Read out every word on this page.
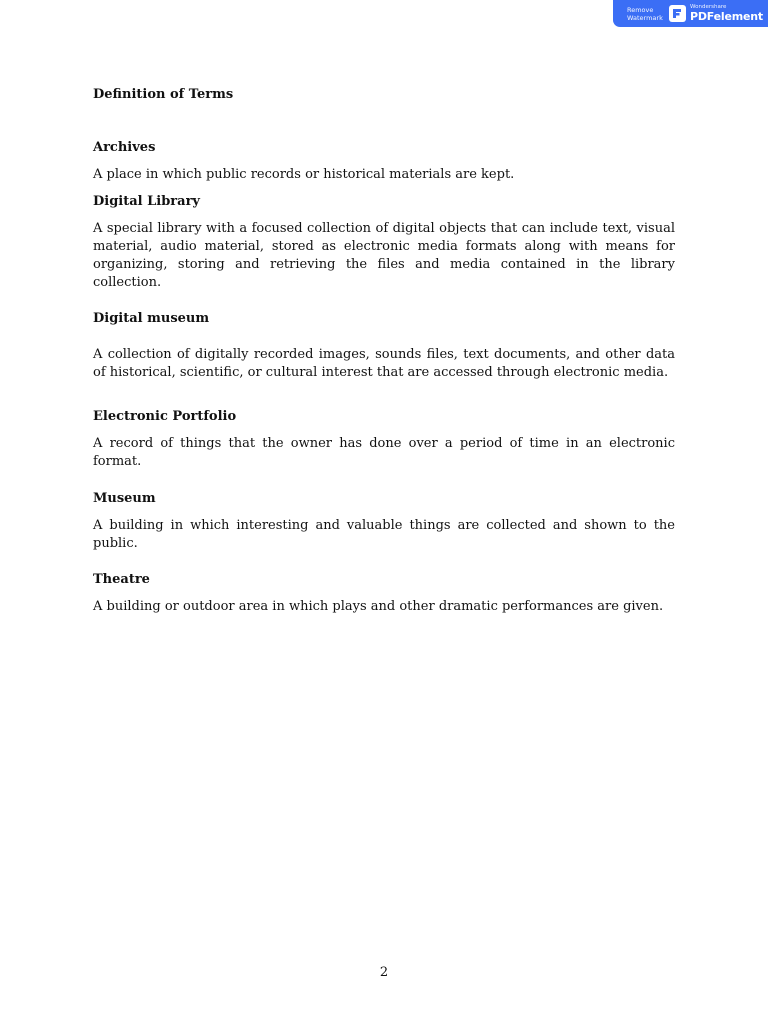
Remove
Watermark
Wondershare
PDFelement

Definition of Terms

Archives

A place in which public records or historical materials are kept.

Digital Library

A special library with a focused collection of digital objects that can include text, visual material, audio material, stored as electronic media formats along with means for organizing, storing and retrieving the files and media contained in the library collection.

Digital museum

A collection of digitally recorded images, sounds files, text documents, and other data of historical, scientific, or cultural interest that are accessed through electronic media.

Electronic Portfolio

A record of things that the owner has done over a period of time in an electronic format.

Museum

A building in which interesting and valuable things are collected and shown to the public.

Theatre

A building or outdoor area in which plays and other dramatic performances are given.

2
